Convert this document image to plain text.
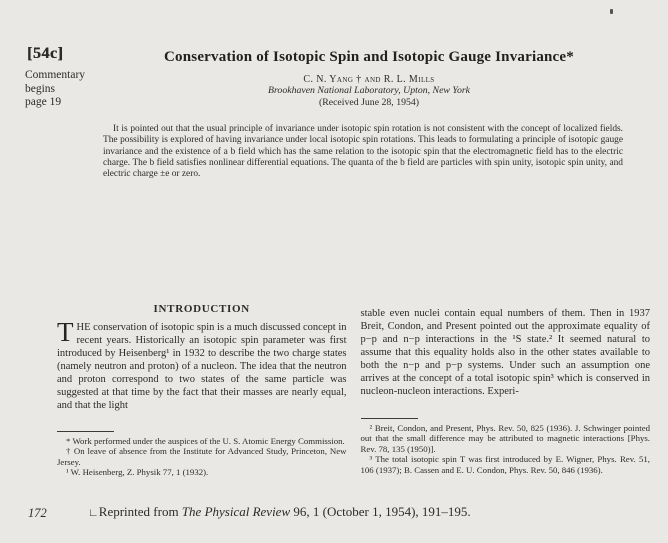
[54c]
Commentary
begins
page 19
Conservation of Isotopic Spin and Isotopic Gauge Invariance*
C. N. Yang † and R. L. Mills
Brookhaven National Laboratory, Upton, New York
(Received June 28, 1954)
It is pointed out that the usual principle of invariance under isotopic spin rotation is not consistent with the concept of localized fields. The possibility is explored of having invariance under local isotopic spin rotations. This leads to formulating a principle of isotopic gauge invariance and the existence of a b field which has the same relation to the isotopic spin that the electromagnetic field has to the electric charge. The b field satisfies nonlinear differential equations. The quanta of the b field are particles with spin unity, isotopic spin unity, and electric charge ±e or zero.
INTRODUCTION

THE conservation of isotopic spin is a much discussed concept in recent years. Historically an isotopic spin parameter was first introduced by Heisenberg¹ in 1932 to describe the two charge states (namely neutron and proton) of a nucleon. The idea that the neutron and proton correspond to two states of the same particle was suggested at that time by the fact that their masses are nearly equal, and that the light

* Work performed under the auspices of the U. S. Atomic Energy Commission.

† On leave of absence from the Institute for Advanced Study, Princeton, New Jersey.

¹ W. Heisenberg, Z. Physik 77, 1 (1932).

stable even nuclei contain equal numbers of them. Then in 1937 Breit, Condon, and Present pointed out the approximate equality of p−p and n−p interactions in the ¹S state.² It seemed natural to assume that this equality holds also in the other states available to both the n−p and p−p systems. Under such an assumption one arrives at the concept of a total isotopic spin³ which is conserved in nucleon-nucleon interactions. Experi-

² Breit, Condon, and Present, Phys. Rev. 50, 825 (1936). J. Schwinger pointed out that the small difference may be attributed to magnetic interactions [Phys. Rev. 78, 135 (1950)].

³ The total isotopic spin T was first introduced by E. Wigner, Phys. Rev. 51, 106 (1937); B. Cassen and E. U. Condon, Phys. Rev. 50, 846 (1936).

172	∟Reprinted from The Physical Review 96, 1 (October 1, 1954), 191–195.
